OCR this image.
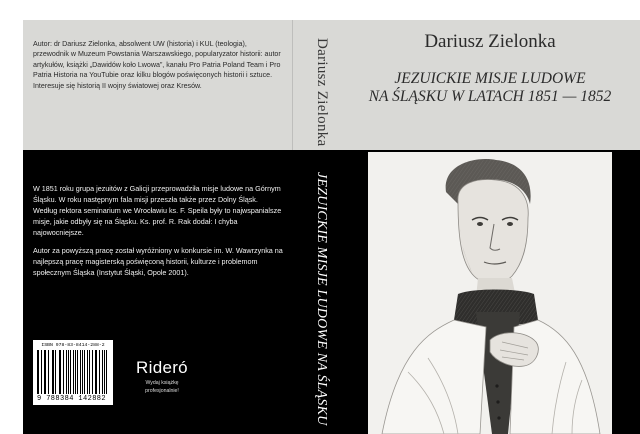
Autor: dr Dariusz Zielonka, absolwent UW (historia) i KUL (teologia), przewodnik w Muzeum Powstania Warszawskiego, popularyzator historii: autor artykułów, książki „Dawidów koło Lwowa”, kanału Pro Patria Poland Team i Pro Patria Historia na YouTubie oraz kilku blogów poświęconych historii i sztuce. Interesuje się historią II wojny światowej oraz Kresów.

W 1851 roku grupa jezuitów z Galicji przeprowadziła misje ludowe na Górnym Śląsku. W roku następnym fala misji przeszła także przez Dolny Śląsk. Według rektora seminarium we Wrocławiu ks. F. Speila były to najwspanialsze misje, jakie odbyły się na Śląsku. Ks. prof. R. Rak dodał: I chyba najowocniejsze.

Autor za powyższą pracę został wyróżniony w konkursie im. W. Wawrzynka na najlepszą pracę magisterską poświęconą historii, kulturze i problemom społecznym Śląska (Instytut Śląski, Opole 2001).

ISBN 978-83-8414-288-2
9 788384 142882
Rideró
Wydaj książkę
profesjonalnie!
Dariusz Zielonka
JEZUICKIE MISJE LUDOWE NA ŚLĄSKU
Dariusz Zielonka
JEZUICKIE MISJE LUDOWE
NA ŚLĄSKU W LATACH 1851 — 1852
